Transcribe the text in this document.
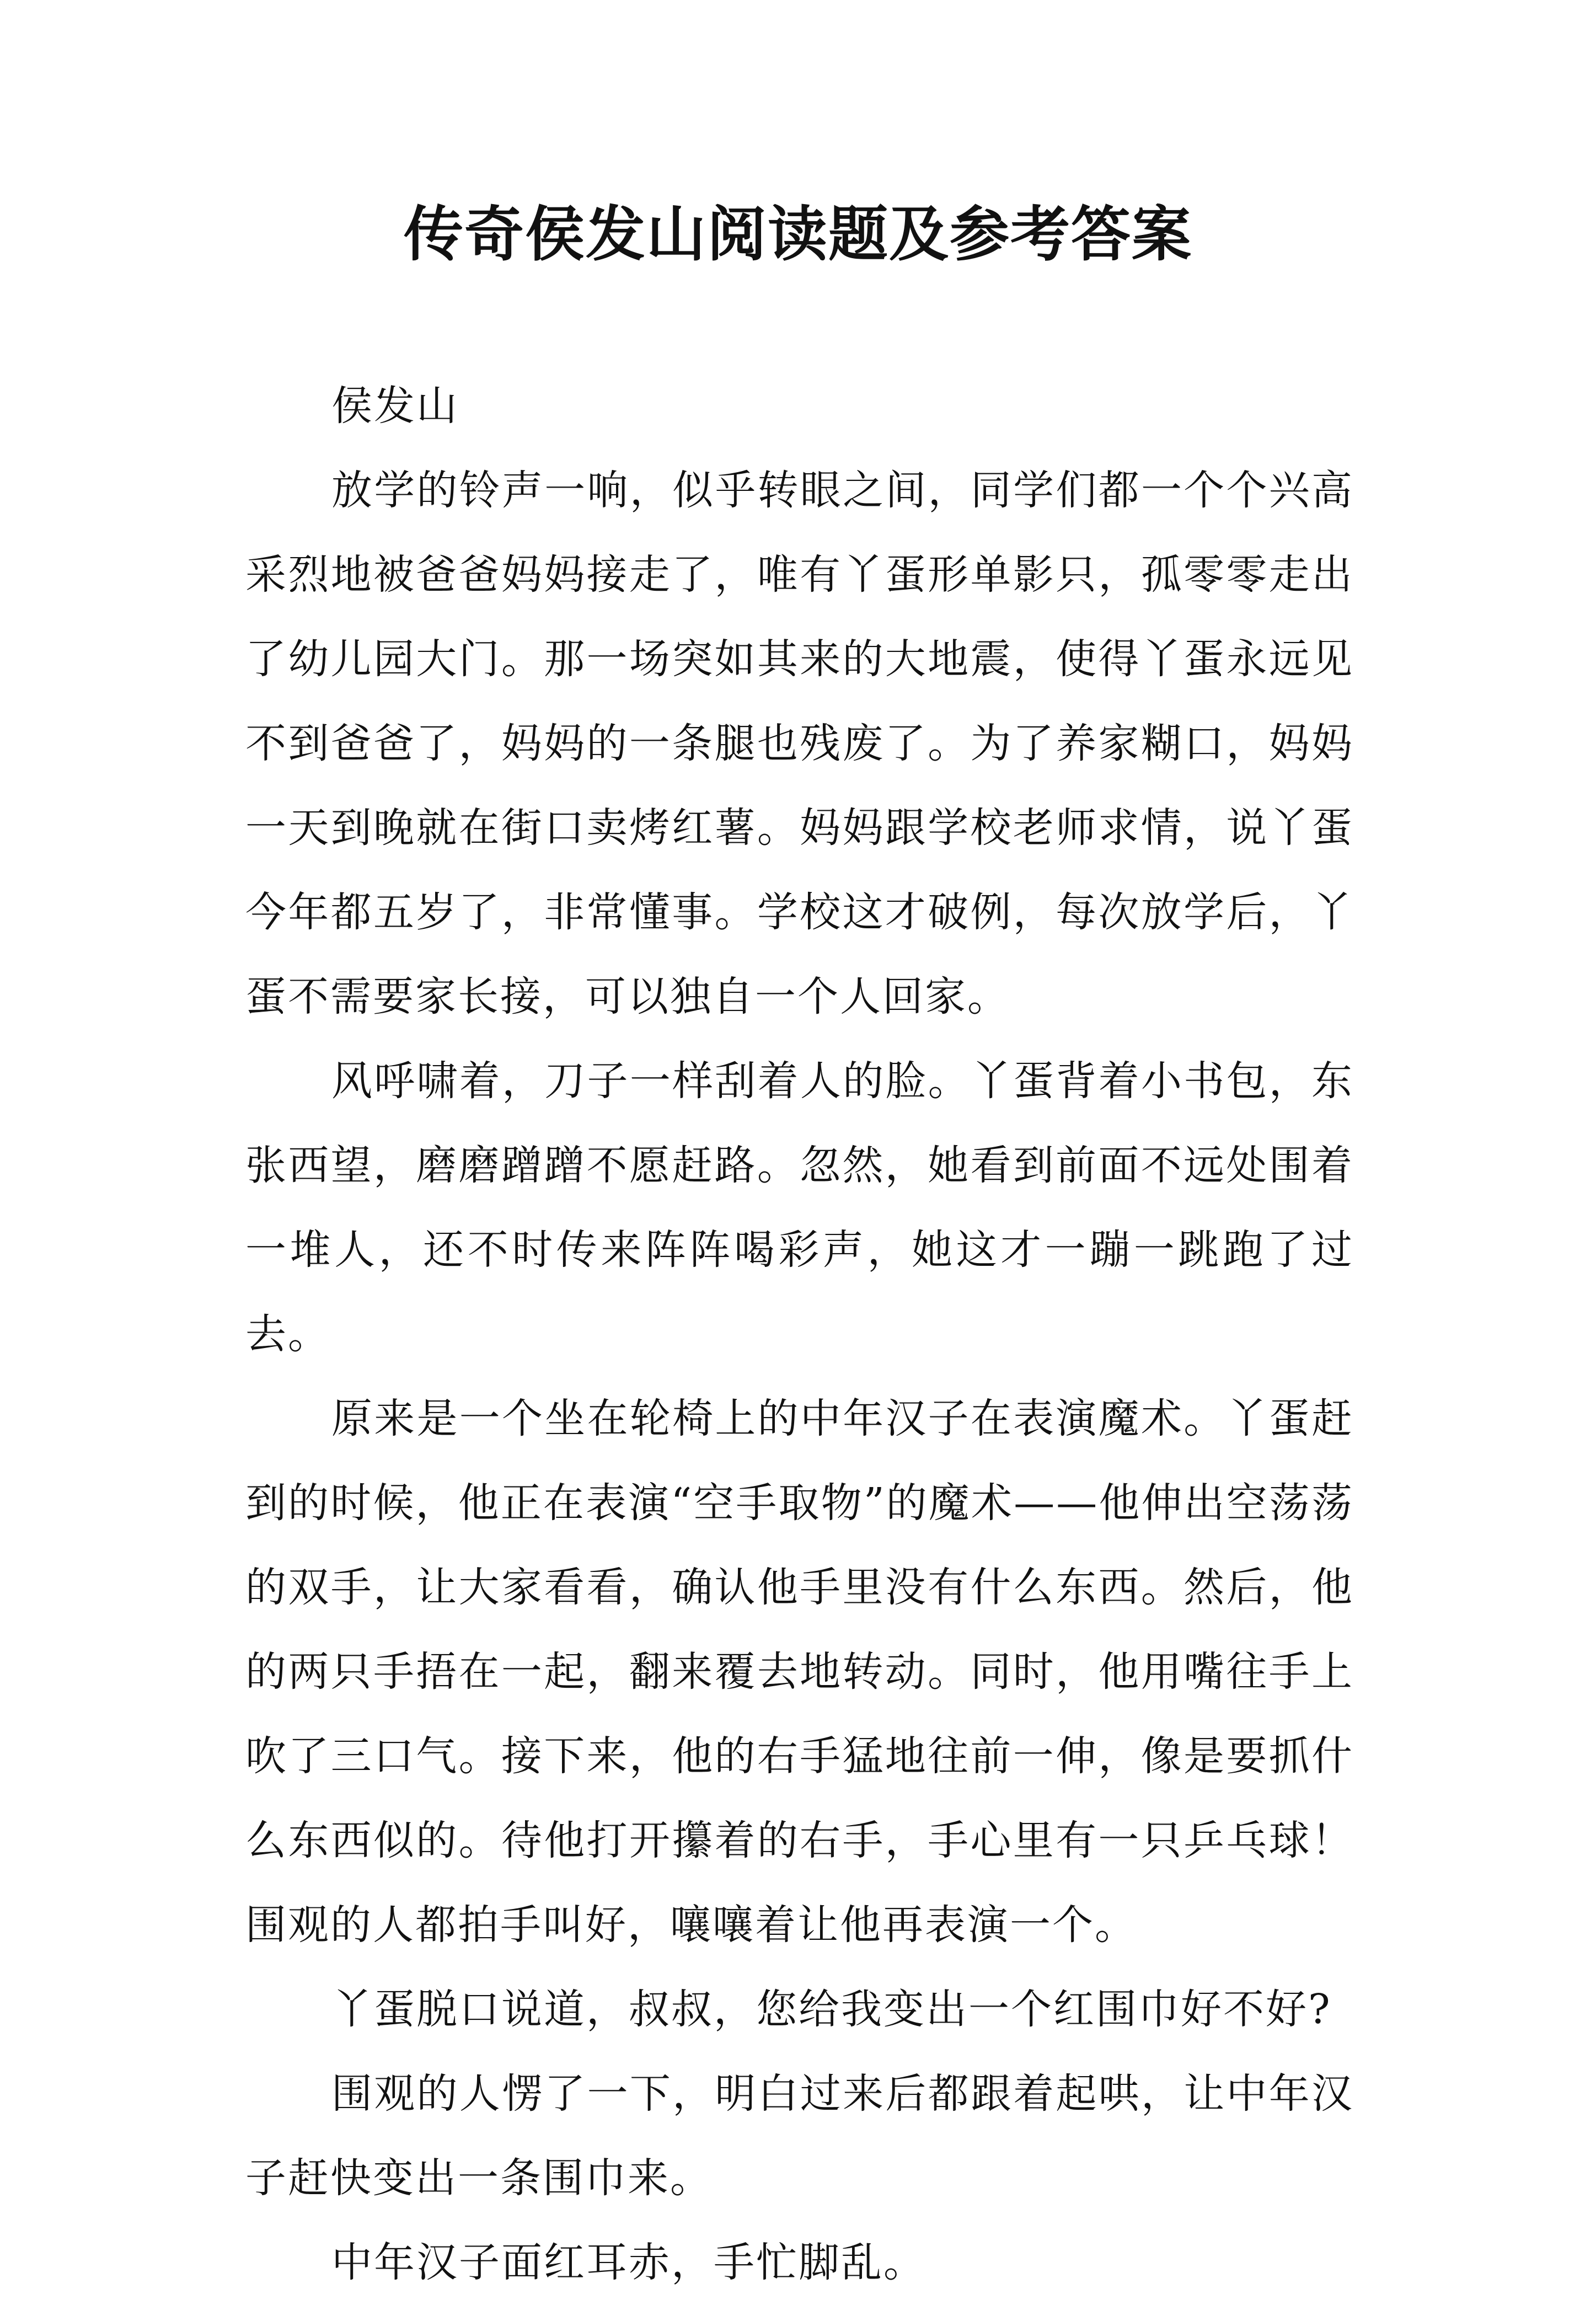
传奇侯发山阅读题及参考答案

侯发山

放学的铃声一响，似乎转眼之间，同学们都一个个兴高采烈地被爸爸妈妈接走了，唯有丫蛋形单影只，孤零零走出了幼儿园大门。那一场突如其来的大地震，使得丫蛋永远见不到爸爸了，妈妈的一条腿也残废了。为了养家糊口，妈妈一天到晚就在街口卖烤红薯。妈妈跟学校老师求情，说丫蛋今年都五岁了，非常懂事。学校这才破例，每次放学后，丫蛋不需要家长接，可以独自一个人回家。

风呼啸着，刀子一样刮着人的脸。丫蛋背着小书包，东张西望，磨磨蹭蹭不愿赶路。忽然，她看到前面不远处围着一堆人，还不时传来阵阵喝彩声，她这才一蹦一跳跑了过去。

原来是一个坐在轮椅上的中年汉子在表演魔术。丫蛋赶到的时候，他正在表演“空手取物”的魔术——他伸出空荡荡的双手，让大家看看，确认他手里没有什么东西。然后，他的两只手捂在一起，翻来覆去地转动。同时，他用嘴往手上吹了三口气。接下来，他的右手猛地往前一伸，像是要抓什么东西似的。待他打开攥着的右手，手心里有一只乒乓球！围观的人都拍手叫好，嚷嚷着让他再表演一个。

丫蛋脱口说道，叔叔，您给我变出一个红围巾好不好?

围观的人愣了一下，明白过来后都跟着起哄，让中年汉子赶快变出一条围巾来。

中年汉子面红耳赤，手忙脚乱。
